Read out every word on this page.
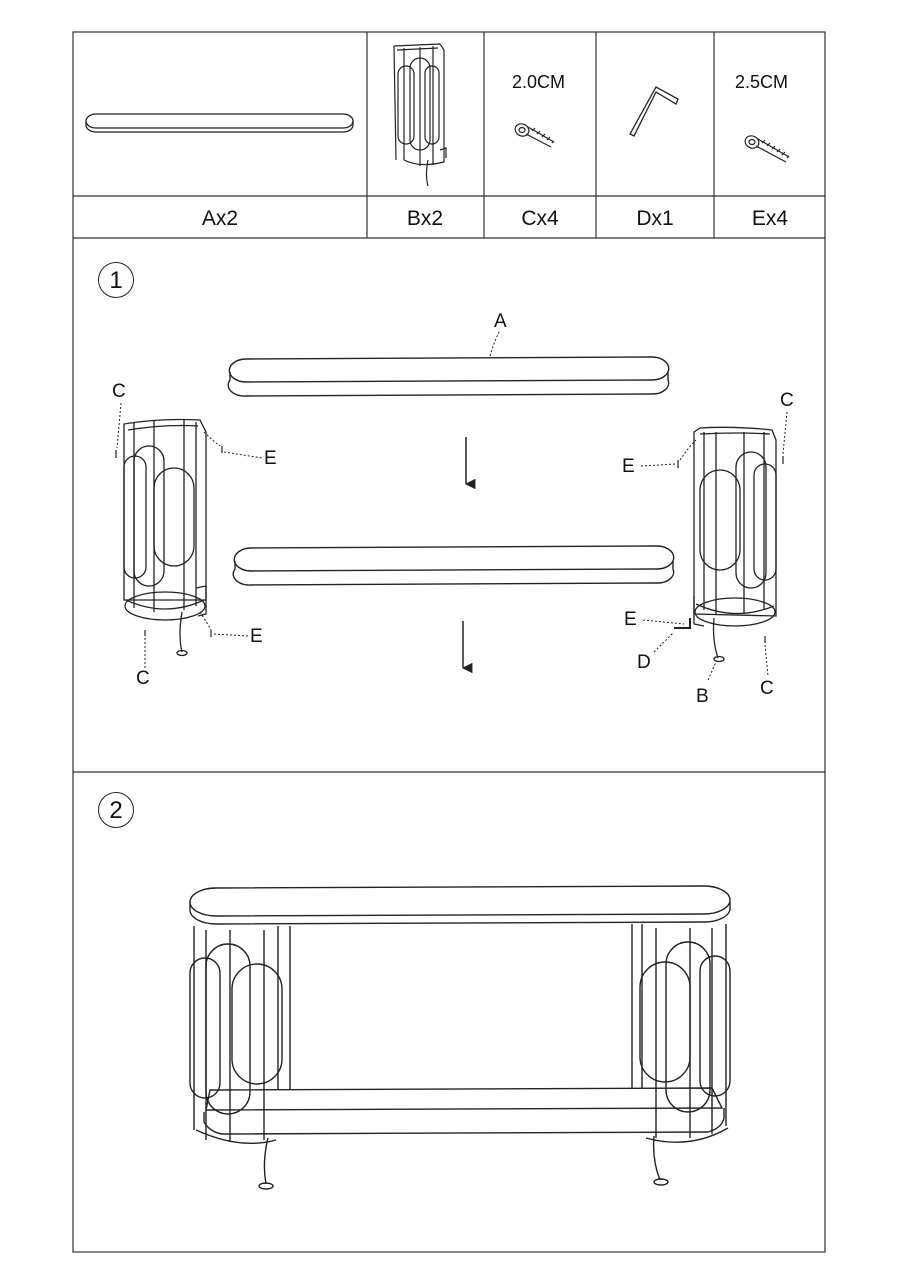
2.0CM	2.5CM
Ax2	Bx2	Cx4	Dx1	Ex4
1
2
A
C
E
E
C
C
E
E
D
B	C
